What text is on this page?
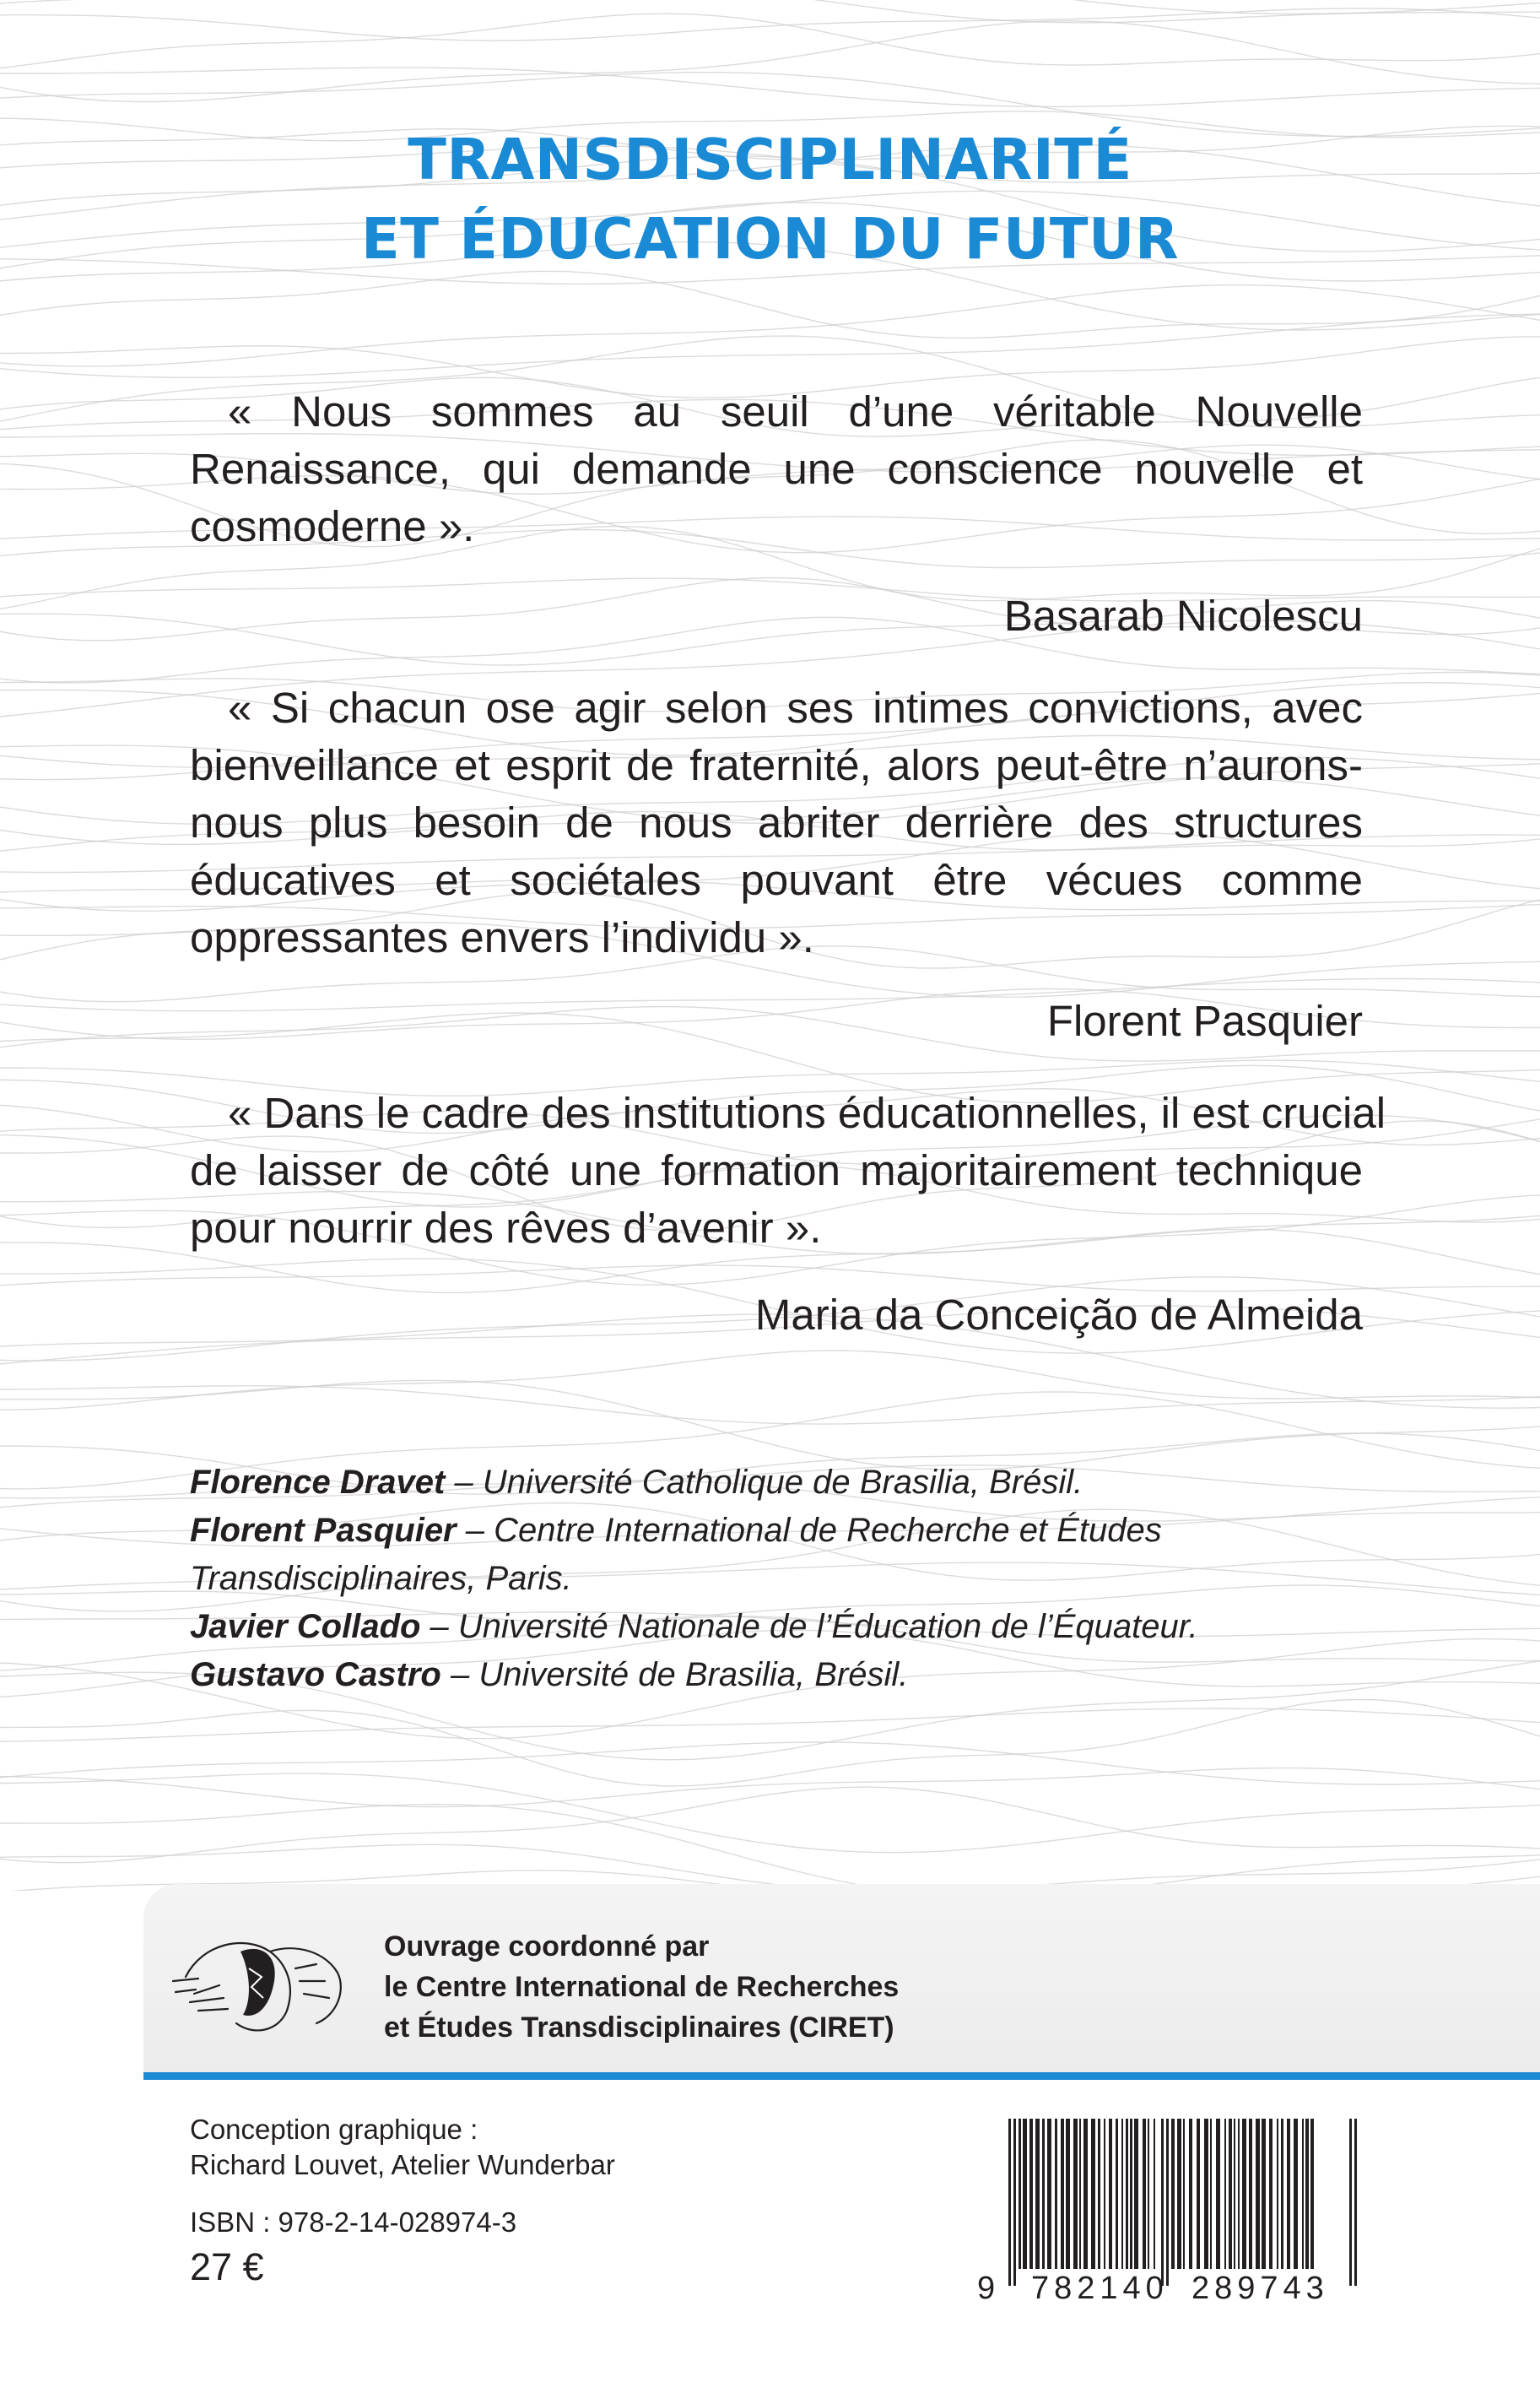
TRANSDISCIPLINARITÉ
ET ÉDUCATION DU FUTUR
« Nous sommes au seuil d’une véritable Nouvelle
Renaissance, qui demande une conscience nouvelle et
cosmoderne ».
Basarab Nicolescu
« Si chacun ose agir selon ses intimes convictions, avec
bienveillance et esprit de fraternité, alors peut-être n’aurons-
nous plus besoin de nous abriter derrière des structures
éducatives et sociétales pouvant être vécues comme
oppressantes envers l’individu ».
Florent Pasquier
« Dans le cadre des institutions éducationnelles, il est crucial
de laisser de côté une formation majoritairement technique
pour nourrir des rêves d’avenir ».
Maria da Conceição de Almeida
Florence Dravet – Université Catholique de Brasilia, Brésil.
Florent Pasquier – Centre International de Recherche et Études
Transdisciplinaires, Paris.
Javier Collado – Université Nationale de l’Éducation de l’Équateur.
Gustavo Castro – Université de Brasilia, Brésil.
Ouvrage coordonné par
le Centre International de Recherches
et Études Transdisciplinaires (CIRET)
Conception graphique :
Richard Louvet, Atelier Wunderbar
ISBN : 978-2-14-028974-3
27 €	9 782140 289743
